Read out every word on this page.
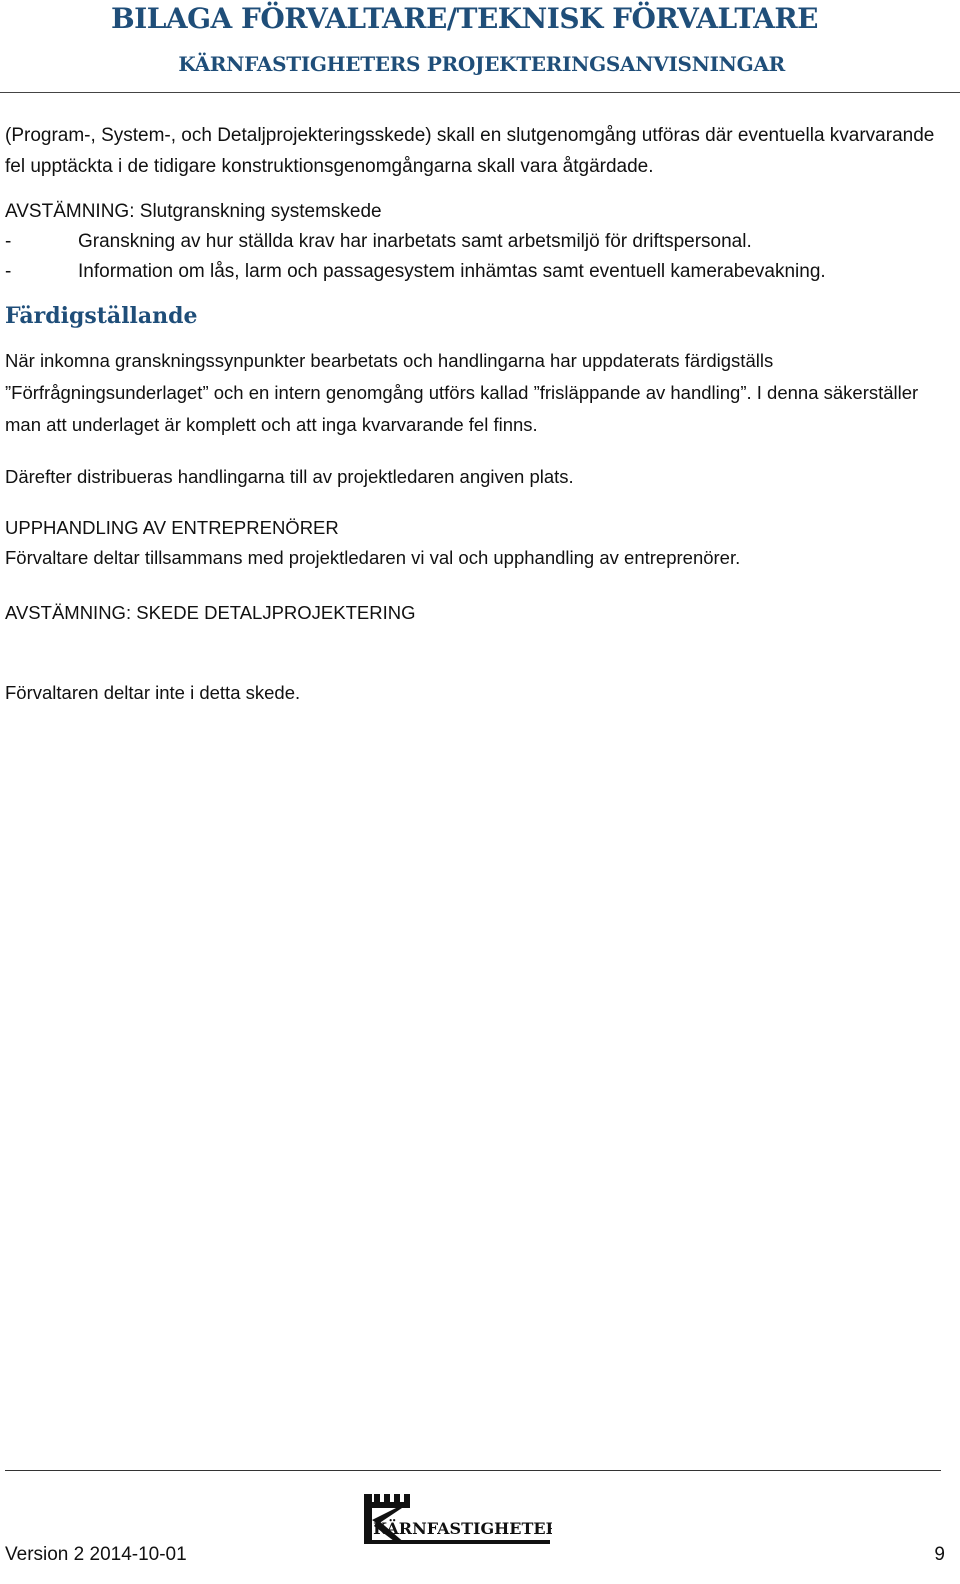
BILAGA FÖRVALTARE/TEKNISK FÖRVALTARE
KÄRNFASTIGHETERS PROJEKTERINGSANVISNINGAR

(Program-, System-, och Detaljprojekteringsskede) skall en slutgenomgång utföras där eventuella kvarvarande fel upptäckta i de tidigare konstruktionsgenomgångarna skall vara åtgärdade.

AVSTÄMNING: Slutgranskning systemskede

-	Granskning av hur ställda krav har inarbetats samt arbetsmiljö för driftspersonal.

-	Information om lås, larm och passagesystem inhämtas samt eventuell kamerabevakning.

Färdigställande
När inkomna granskningssynpunkter bearbetats och handlingarna har uppdaterats färdigställs ”Förfrågningsunderlaget” och en intern genomgång utförs kallad ”frisläppande av handling”. I denna säkerställer man att underlaget är komplett och att inga kvarvarande fel finns.
Därefter distribueras handlingarna till av projektledaren angiven plats.
UPPHANDLING AV ENTREPRENÖRER
Förvaltare deltar tillsammans med projektledaren vi val och upphandling av entreprenörer.
AVSTÄMNING: SKEDE DETALJPROJEKTERING
Förvaltaren deltar inte i detta skede.
KÄRNFASTIGHETER
Version 2 2014-10-01	9
